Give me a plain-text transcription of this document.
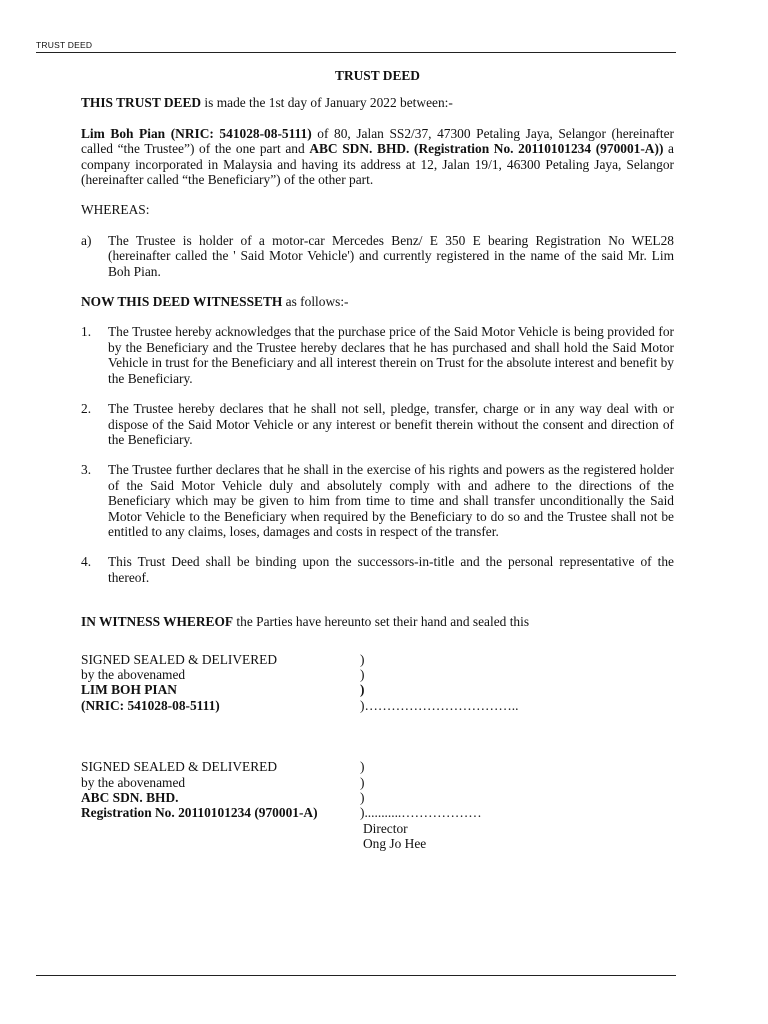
TRUST DEED

TRUST DEED

THIS TRUST DEED is made the 1st day of January 2022 between:-

Lim Boh Pian (NRIC: 541028-08-5111) of 80, Jalan SS2/37, 47300 Petaling Jaya, Selangor (hereinafter called “the Trustee”) of the one part and ABC SDN. BHD. (Registration No. 20110101234 (970001-A)) a company incorporated in Malaysia and having its address at 12, Jalan 19/1, 46300 Petaling Jaya, Selangor (hereinafter called “the Beneficiary”) of the other part.

WHEREAS:

a)	The Trustee is holder of a motor-car Mercedes Benz/ E 350 E bearing Registration No WEL28 (hereinafter called the ' Said Motor Vehicle') and currently registered in the name of the said Mr. Lim Boh Pian.

NOW THIS DEED WITNESSETH as follows:-

1.	The Trustee hereby acknowledges that the purchase price of the Said Motor Vehicle is being provided for by the Beneficiary and the Trustee hereby declares that he has purchased and shall hold the Said Motor Vehicle in trust for the Beneficiary and all interest therein on Trust for the absolute interest and benefit by the Beneficiary.
2.	The Trustee hereby declares that he shall not sell, pledge, transfer, charge or in any way deal with or dispose of the Said Motor Vehicle or any interest or benefit therein without the consent and direction of the Beneficiary.
3.	The Trustee further declares that he shall in the exercise of his rights and powers as the registered holder of the Said Motor Vehicle duly and absolutely comply with and adhere to the directions of the Beneficiary which may be given to him from time to time and shall transfer unconditionally the Said Motor Vehicle to the Beneficiary when required by the Beneficiary to do so and the Trustee shall not be entitled to any claims, loses, damages and costs in respect of the transfer.
4.	This Trust Deed shall be binding upon the successors-in-title and the personal representative of the thereof.

IN WITNESS WHEREOF the Parties have hereunto set their hand and sealed this

SIGNED SEALED & DELIVERED	)
by the abovenamed	)
LIM BOH PIAN	)
(NRIC: 541028-08-5111)	)……………………………..
SIGNED SEALED & DELIVERED	)
by the abovenamed	)
ABC SDN. BHD.	)
Registration No. 20110101234 (970001-A)	)...........………………
Director
Ong Jo Hee
